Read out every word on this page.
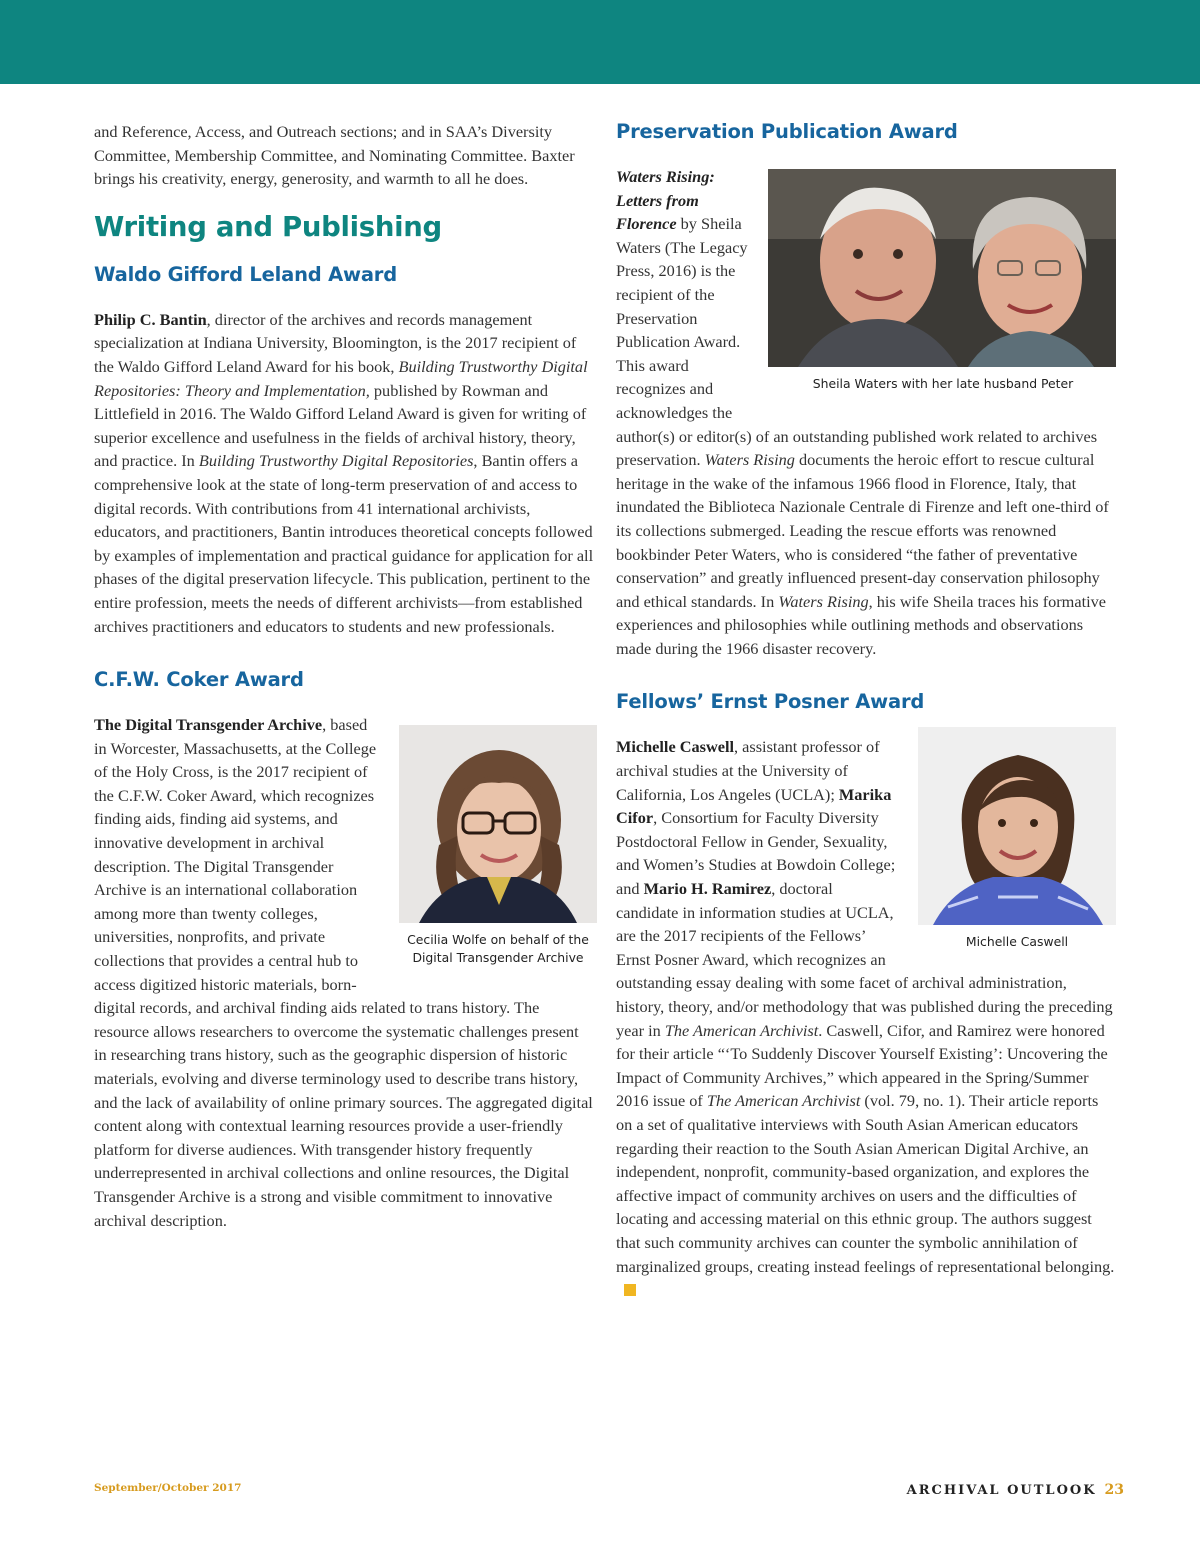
and Reference, Access, and Outreach sections; and in SAA’s Diversity Committee, Membership Committee, and Nominating Committee. Baxter brings his creativity, energy, generosity, and warmth to all he does.

Writing and Publishing
Waldo Gifford Leland Award

Philip C. Bantin, director of the archives and records management specialization at Indiana University, Bloomington, is the 2017 recipient of the Waldo Gifford Leland Award for his book, Building Trustworthy Digital Repositories: Theory and Implementation, published by Rowman and Littlefield in 2016. The Waldo Gifford Leland Award is given for writing of superior excellence and usefulness in the fields of archival history, theory, and practice. In Building Trustworthy Digital Repositories, Bantin offers a comprehensive look at the state of long-term preservation of and access to digital records. With contributions from 41 international archivists, educators, and practitioners, Bantin introduces theoretical concepts followed by examples of implementation and practical guidance for application for all phases of the digital preservation lifecycle. This publication, pertinent to the entire profession, meets the needs of different archivists—from established archives practitioners and educators to students and new professionals.

C.F.W. Coker Award
Cecilia Wolfe on behalf of the
Digital Transgender Archive

The Digital Transgender Archive, based in Worcester, Massachusetts, at the College of the Holy Cross, is the 2017 recipient of the C.F.W. Coker Award, which recognizes finding aids, finding aid systems, and innovative development in archival description. The Digital Transgender Archive is an international collaboration among more than twenty colleges, universities, nonprofits, and private collections that provides a central hub to access digitized historic materials, born-digital records, and archival finding aids related to trans history. The resource allows researchers to overcome the systematic challenges present in researching trans history, such as the geographic dispersion of historic materials, evolving and diverse terminology used to describe trans history, and the lack of availability of online primary sources. The aggregated digital content along with contextual learning resources provide a user-friendly platform for diverse audiences. With transgender history frequently underrepresented in archival collections and online resources, the Digital Transgender Archive is a strong and visible commitment to innovative archival description.

Preservation Publication Award
Sheila Waters with her late husband Peter

Waters Rising: Letters from Florence by Sheila Waters (The Legacy Press, 2016) is the recipient of the Preservation Publication Award. This award recognizes and acknowledges the author(s) or editor(s) of an outstanding published work related to archives preservation. Waters Rising documents the heroic effort to rescue cultural heritage in the wake of the infamous 1966 flood in Florence, Italy, that inundated the Biblioteca Nazionale Centrale di Firenze and left one-third of its collections submerged. Leading the rescue efforts was renowned bookbinder Peter Waters, who is considered “the father of preventative conservation” and greatly influenced present-day conservation philosophy and ethical standards. In Waters Rising, his wife Sheila traces his formative experiences and philosophies while outlining methods and observations made during the 1966 disaster recovery.

Fellows’ Ernst Posner Award
Michelle Caswell

Michelle Caswell, assistant professor of archival studies at the University of California, Los Angeles (UCLA); Marika Cifor, Consortium for Faculty Diversity Postdoctoral Fellow in Gender, Sexuality, and Women’s Studies at Bowdoin College; and Mario H. Ramirez, doctoral candidate in information studies at UCLA, are the 2017 recipients of the Fellows’ Ernst Posner Award, which recognizes an outstanding essay dealing with some facet of archival administration, history, theory, and/or methodology that was published during the preceding year in The American Archivist. Caswell, Cifor, and Ramirez were honored for their article “‘To Suddenly Discover Yourself Existing’: Uncovering the Impact of Community Archives,” which appeared in the Spring/Summer 2016 issue of The American Archivist (vol. 79, no. 1). Their article reports on a set of qualitative interviews with South Asian American educators regarding their reaction to the South Asian American Digital Archive, an independent, nonprofit, community-based organization, and explores the affective impact of community archives on users and the difficulties of locating and accessing material on this ethnic group. The authors suggest that such community archives can counter the symbolic annihilation of marginalized groups, creating instead feelings of representational belonging.

September/October 2017	ARCHIVAL OUTLOOK 23
